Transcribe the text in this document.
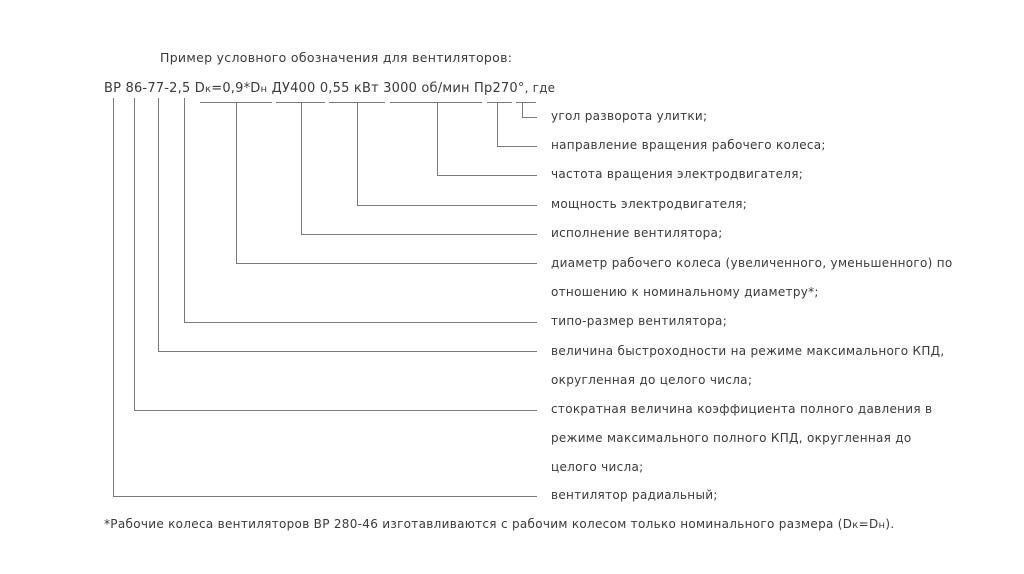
Пример условного обозначения для вентиляторов:
ВР 86-77-2,5 Dк=0,9*Dн ДУ400 0,55 кВт 3000 об/мин Пр270°, где
угол разворота улитки;
направление вращения рабочего колеса;
частота вращения электродвигателя;
мощность электродвигателя;
исполнение вентилятора;
диаметр рабочего колеса (увеличенного, уменьшенного) по
отношению к номинальному диаметру*;
типо-размер вентилятора;
величина быстроходности на режиме максимального КПД,
округленная до целого числа;
стократная величина коэффициента полного давления в
режиме максимального полного КПД, округленная до
целого числа;
вентилятор радиальный;
*Рабочие колеса вентиляторов ВР 280-46 изготавливаются с рабочим колесом только номинального размера (Dк=Dн).
